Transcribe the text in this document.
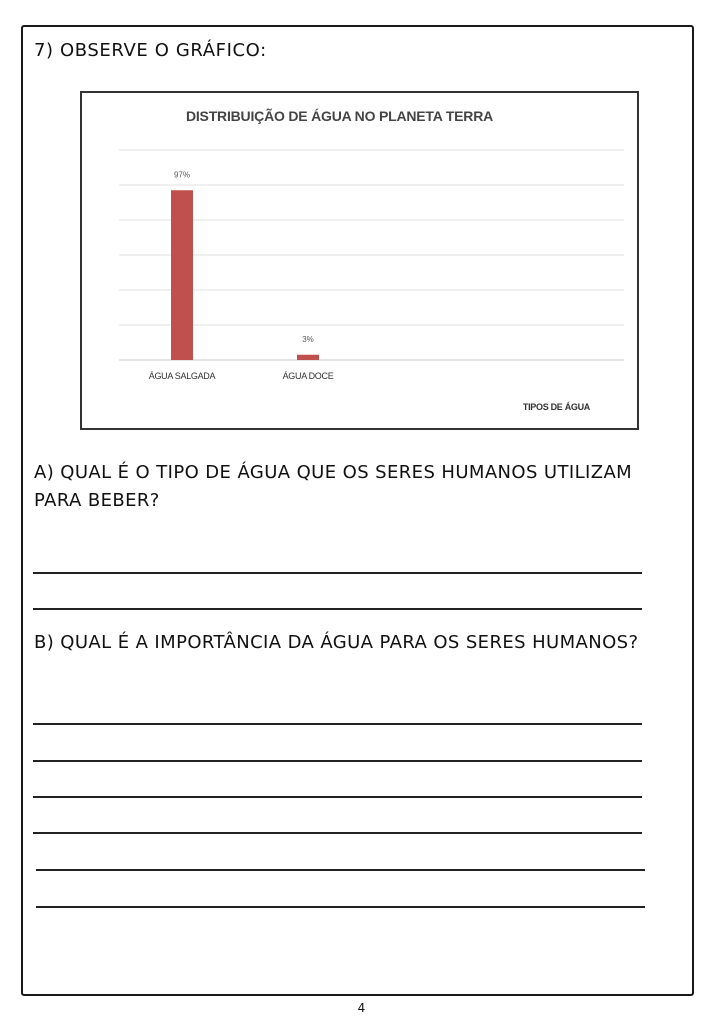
7) OBSERVE O GRÁFICO:
DISTRIBUIÇÃO DE ÁGUA NO PLANETA TERRA
97%
ÁGUA SALGADA
3%
ÁGUA DOCE
TIPOS DE ÁGUA
A) QUAL É O TIPO DE ÁGUA QUE OS SERES HUMANOS UTILIZAM PARA BEBER?
B) QUAL É A IMPORTÂNCIA DA ÁGUA PARA OS SERES HUMANOS?
4
